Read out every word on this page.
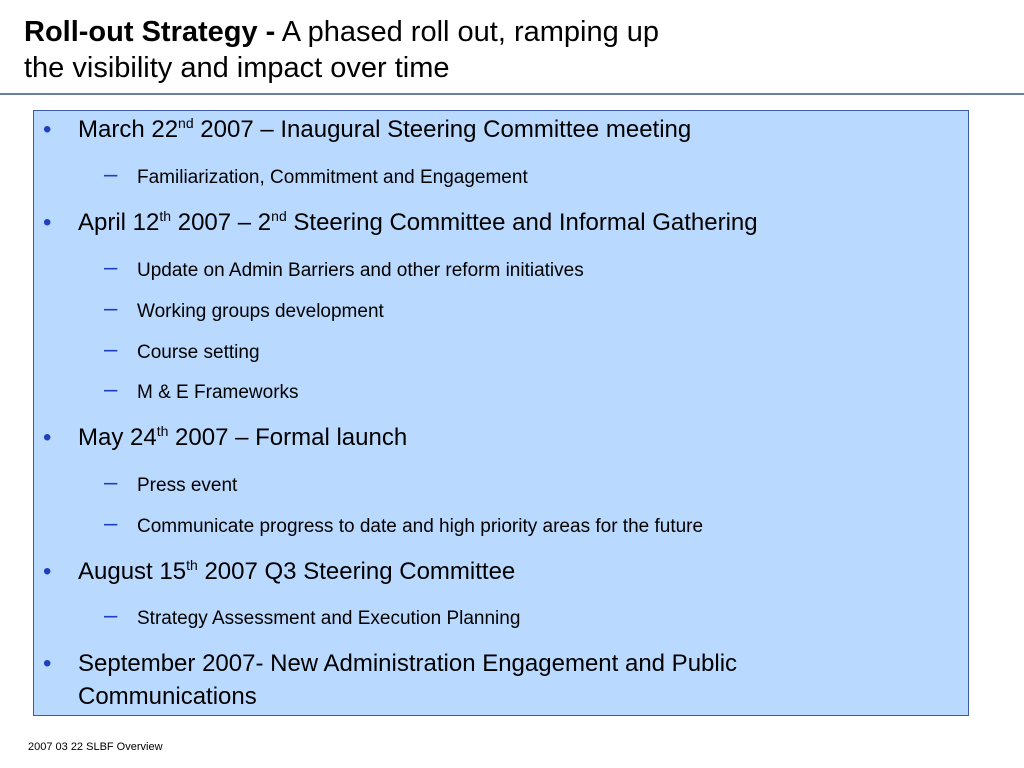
Roll-out Strategy - A phased roll out, ramping up
the visibility and impact over time
• March 22nd 2007 – Inaugural Steering Committee meeting
– Familiarization, Commitment and Engagement
• April 12th 2007 – 2nd Steering Committee and Informal Gathering
– Update on Admin Barriers and other reform initiatives
– Working groups development
– Course setting
– M & E Frameworks
• May 24th 2007 – Formal launch
– Press event
– Communicate progress to date and high priority areas for the future
• August 15th 2007 Q3 Steering Committee
– Strategy Assessment and Execution Planning
• September 2007- New Administration Engagement and Public
Communications
2007 03 22 SLBF Overview
